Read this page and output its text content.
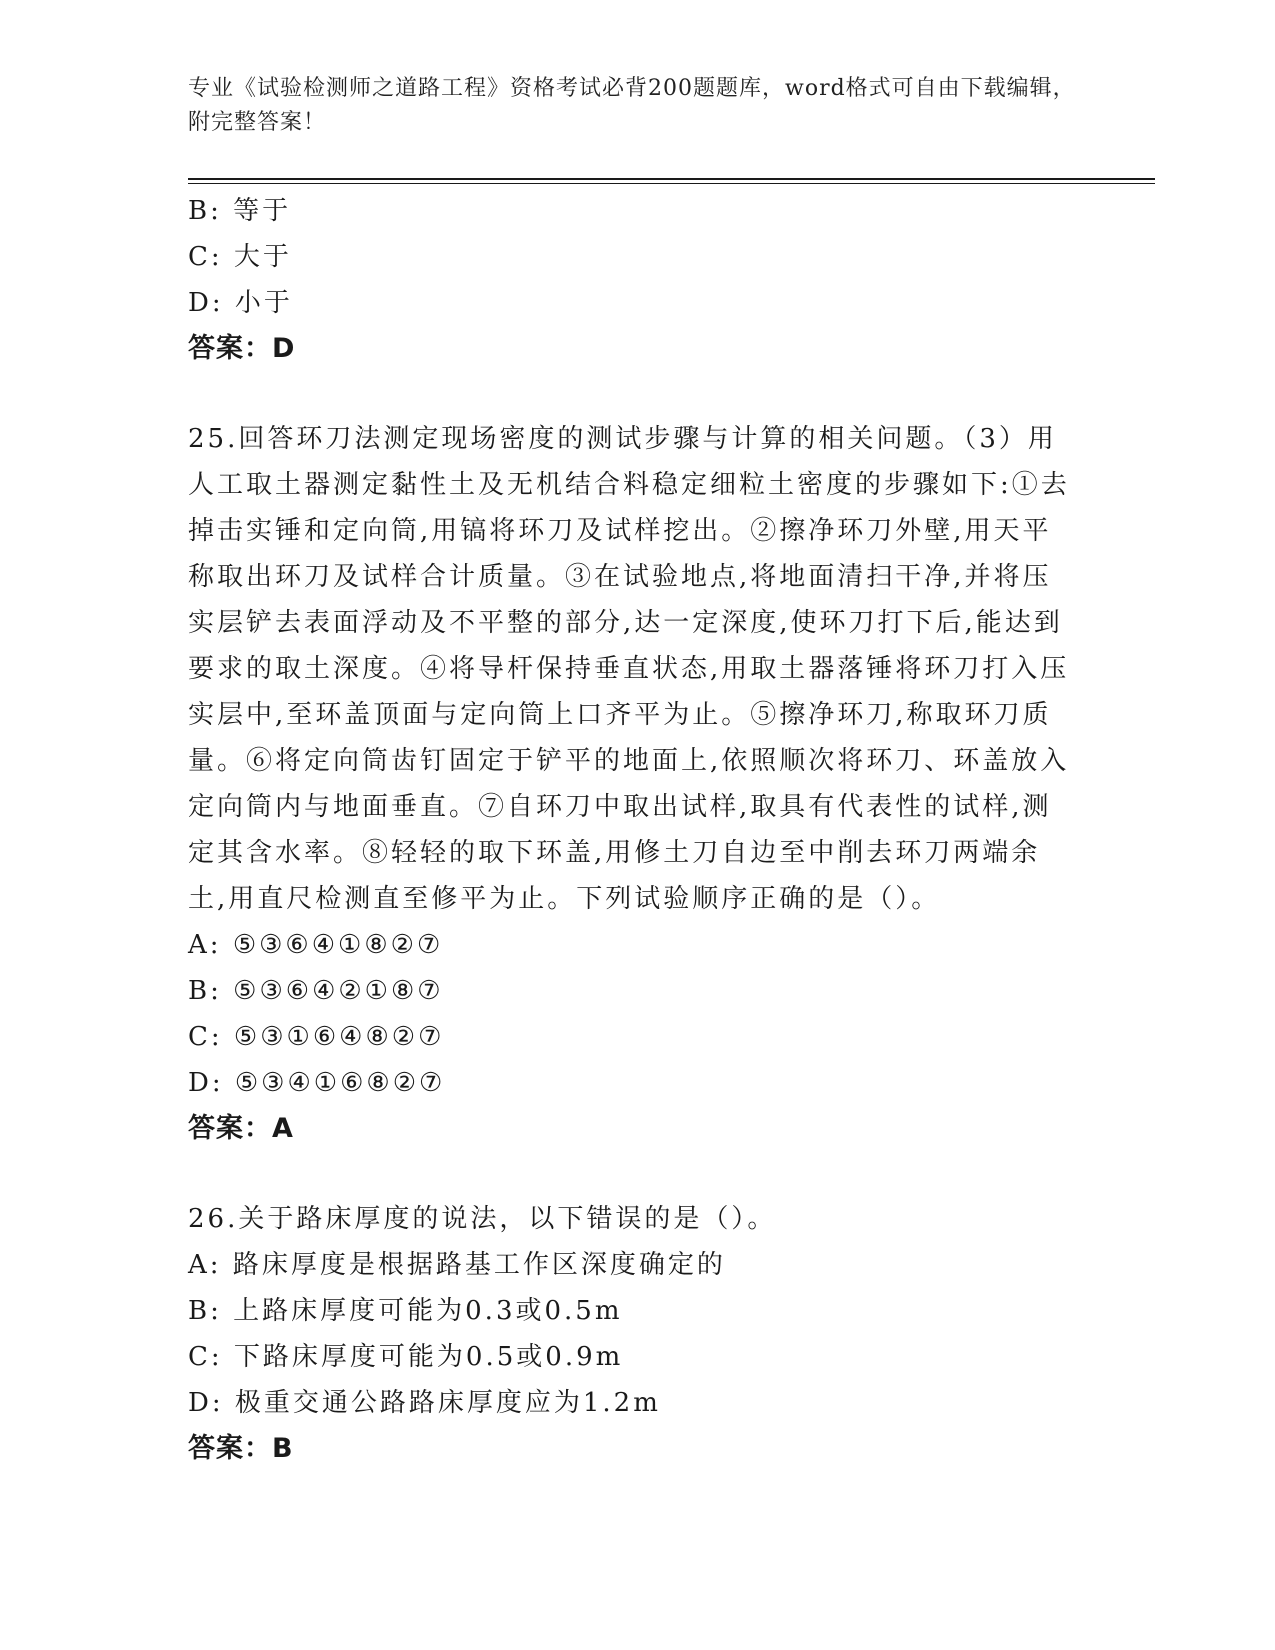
专业《试验检测师之道路工程》资格考试必背200题题库，word格式可自由下载编辑，附完整答案！
B: 等于
C: 大于
D: 小于
答案：D
25.回答环刀法测定现场密度的测试步骤与计算的相关问题。（3）用人工取土器测定黏性土及无机结合料稳定细粒土密度的步骤如下:①去掉击实锤和定向筒,用镐将环刀及试样挖出。②擦净环刀外壁,用天平称取出环刀及试样合计质量。③在试验地点,将地面清扫干净,并将压实层铲去表面浮动及不平整的部分,达一定深度,使环刀打下后,能达到要求的取土深度。④将导杆保持垂直状态,用取土器落锤将环刀打入压实层中,至环盖顶面与定向筒上口齐平为止。⑤擦净环刀,称取环刀质量。⑥将定向筒齿钉固定于铲平的地面上,依照顺次将环刀、环盖放入定向筒内与地面垂直。⑦自环刀中取出试样,取具有代表性的试样,测定其含水率。⑧轻轻的取下环盖,用修土刀自边至中削去环刀两端余土,用直尺检测直至修平为止。下列试验顺序正确的是（）。
A: ⑤③⑥④①⑧②⑦
B: ⑤③⑥④②①⑧⑦
C: ⑤③①⑥④⑧②⑦
D: ⑤③④①⑥⑧②⑦
答案：A
26.关于路床厚度的说法，以下错误的是（）。
A: 路床厚度是根据路基工作区深度确定的
B: 上路床厚度可能为0.3或0.5m
C: 下路床厚度可能为0.5或0.9m
D: 极重交通公路路床厚度应为1.2m
答案：B
